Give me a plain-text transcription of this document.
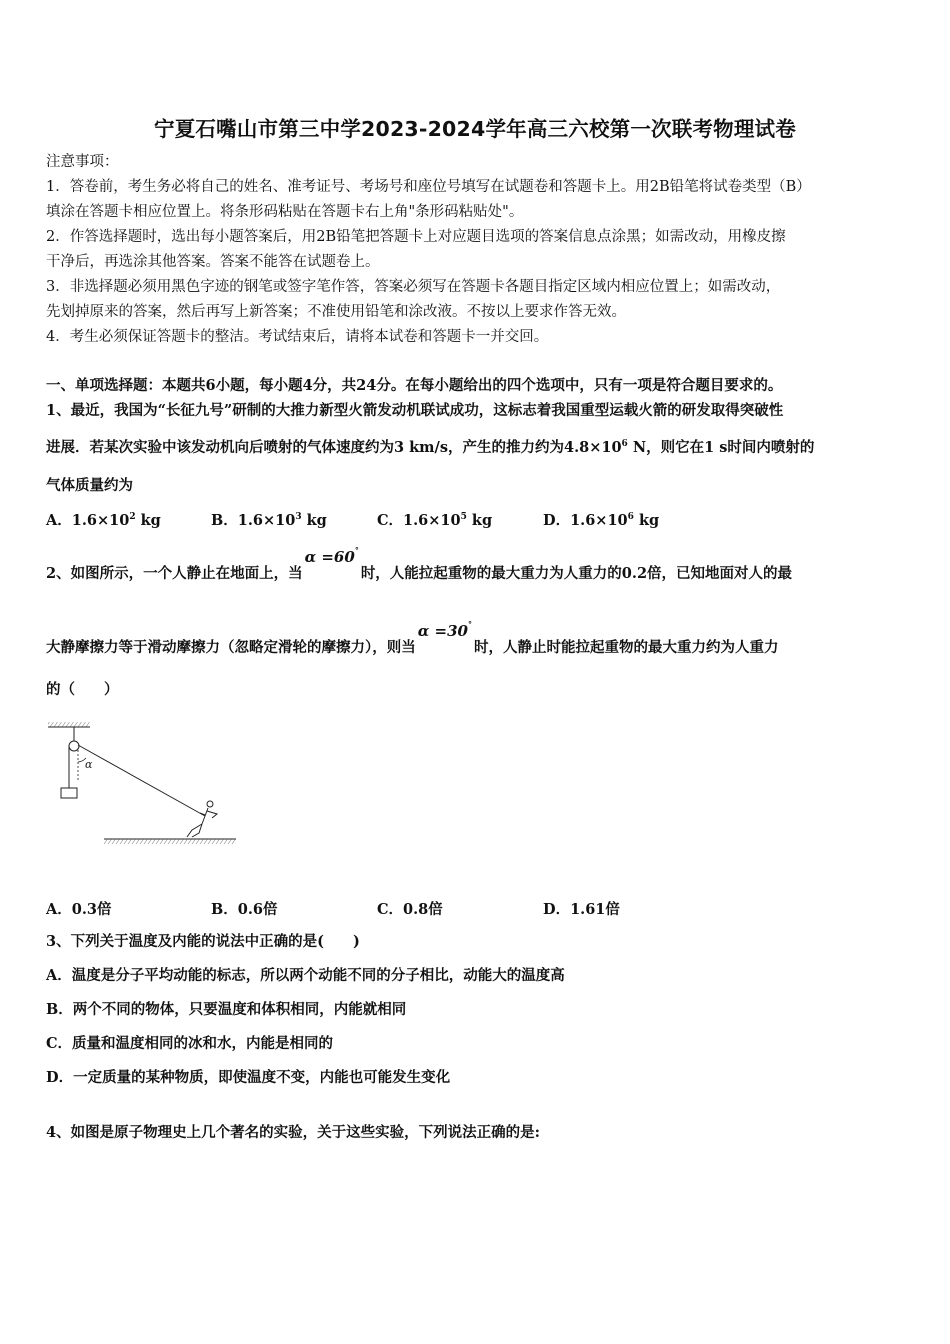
宁夏石嘴山市第三中学2023-2024学年高三六校第一次联考物理试卷
注意事项：
1．答卷前，考生务必将自己的姓名、准考证号、考场号和座位号填写在试题卷和答题卡上。用2B铅笔将试卷类型（B）
填涂在答题卡相应位置上。将条形码粘贴在答题卡右上角"条形码粘贴处"。
2．作答选择题时，选出每小题答案后，用2B铅笔把答题卡上对应题目选项的答案信息点涂黑；如需改动，用橡皮擦
干净后，再选涂其他答案。答案不能答在试题卷上。
3．非选择题必须用黑色字迹的钢笔或签字笔作答，答案必须写在答题卡各题目指定区域内相应位置上；如需改动，
先划掉原来的答案，然后再写上新答案；不准使用铅笔和涂改液。不按以上要求作答无效。
4．考生必须保证答题卡的整洁。考试结束后，请将本试卷和答题卡一并交回。
一、单项选择题：本题共6小题，每小题4分，共24分。在每小题给出的四个选项中，只有一项是符合题目要求的。
1、最近，我国为“长征九号”研制的大推力新型火箭发动机联试成功，这标志着我国重型运载火箭的研发取得突破性
进展．若某次实验中该发动机向后喷射的气体速度约为3 km/s，产生的推力约为$4.8\times 10^6$ N，则它在1 s时间内喷射的
气体质量约为
A．$1.6\times 10^2$ kg	B．$1.6\times 10^3$ kg	C．$1.6\times 10^5$ kg	D．$1.6\times 10^6$ kg
2、如图所示，一个人静止在地面上，当α =60°时，人能拉起重物的最大重力为人重力的0.2倍，已知地面对人的最
大静摩擦力等于滑动摩擦力（忽略定滑轮的摩擦力），则当α =30°时，人静止时能拉起重物的最大重力约为人重力
的（　　）
α
A．0.3倍	B．0.6倍	C．0.8倍	D．1.61倍
3、下列关于温度及内能的说法中正确的是(　　)
A．温度是分子平均动能的标志，所以两个动能不同的分子相比，动能大的温度高
B．两个不同的物体，只要温度和体积相同，内能就相同
C．质量和温度相同的冰和水，内能是相同的
D．一定质量的某种物质，即使温度不变，内能也可能发生变化
4、如图是原子物理史上几个著名的实验，关于这些实验，下列说法正确的是:
